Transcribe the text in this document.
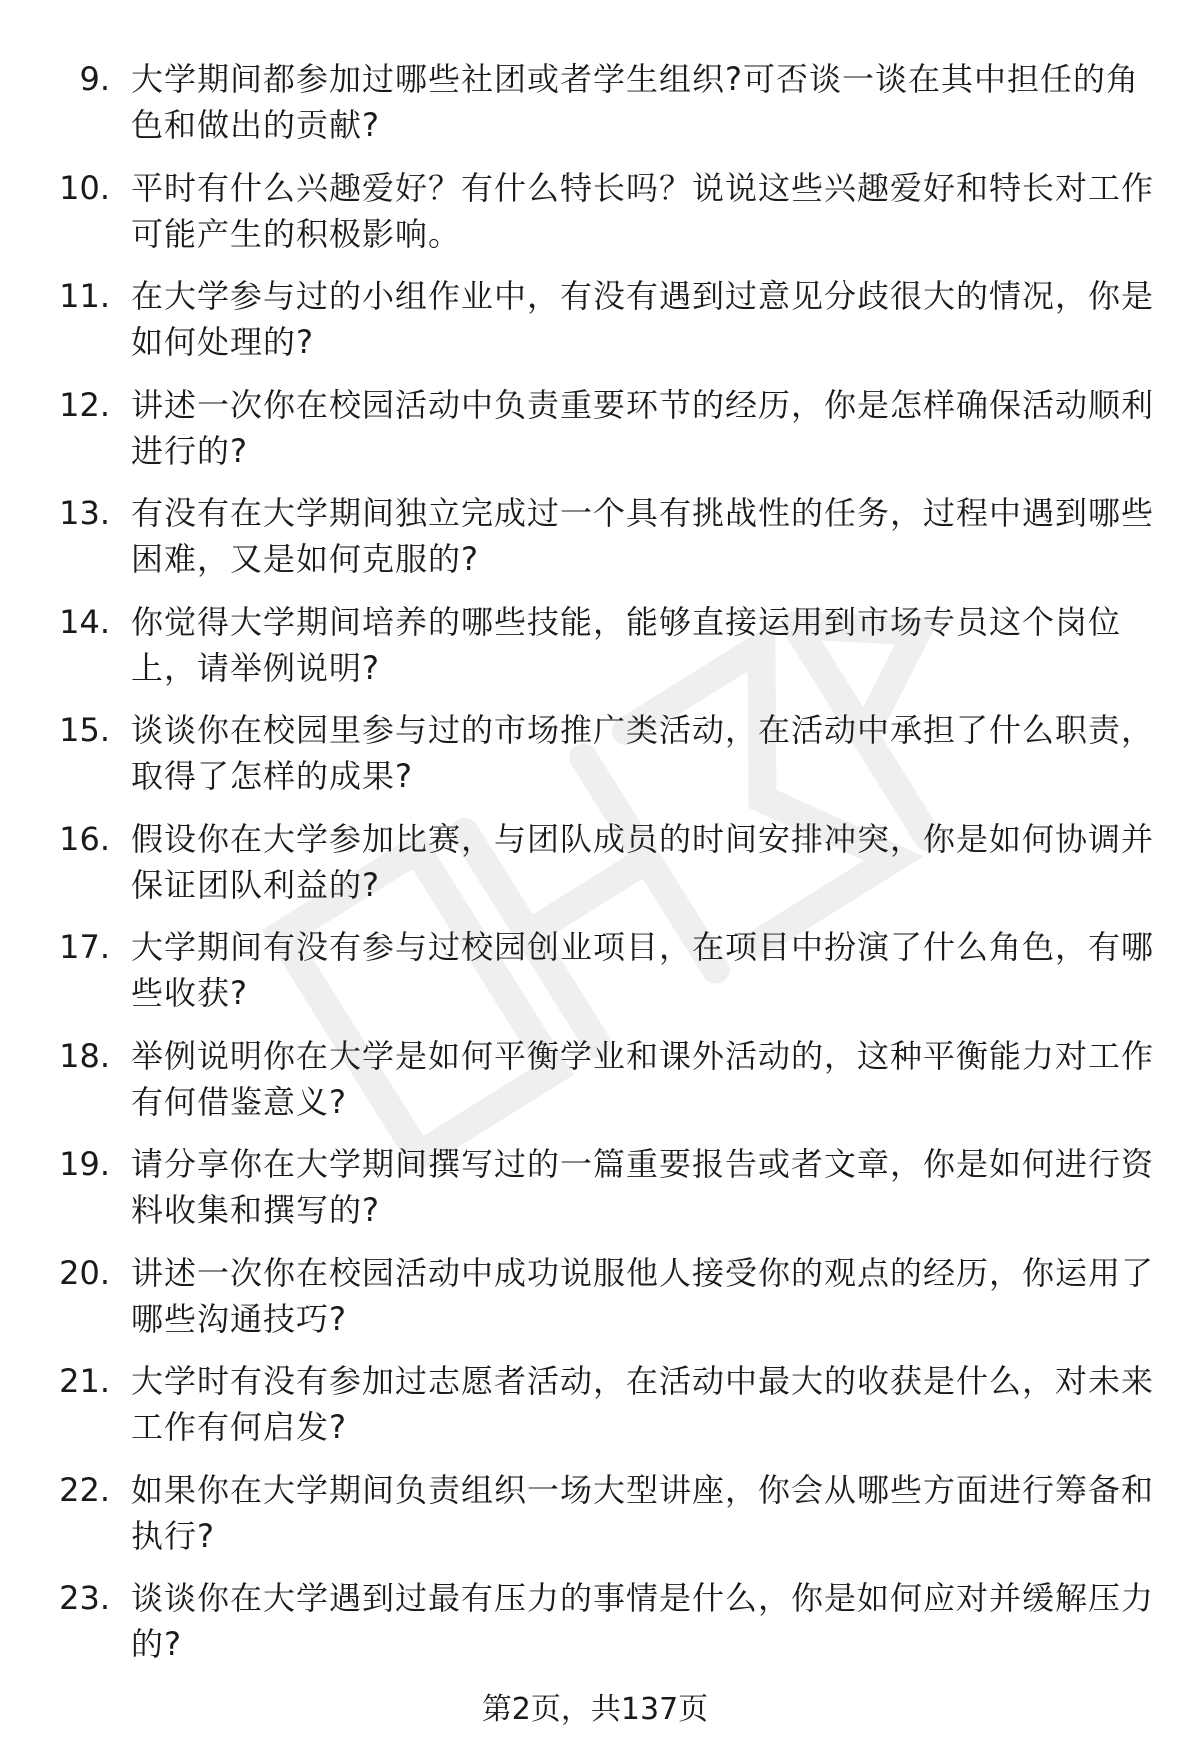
9. 大学期间都参加过哪些社团或者学生组织?可否谈一谈在其中担任的角色和做出的贡献?
10. 平时有什么兴趣爱好？有什么特长吗？说说这些兴趣爱好和特长对工作可能产生的积极影响。
11. 在大学参与过的小组作业中，有没有遇到过意见分歧很大的情况，你是如何处理的?
12. 讲述一次你在校园活动中负责重要环节的经历，你是怎样确保活动顺利进行的?
13. 有没有在大学期间独立完成过一个具有挑战性的任务，过程中遇到哪些困难，又是如何克服的?
14. 你觉得大学期间培养的哪些技能，能够直接运用到市场专员这个岗位上，请举例说明?
15. 谈谈你在校园里参与过的市场推广类活动，在活动中承担了什么职责，取得了怎样的成果?
16. 假设你在大学参加比赛，与团队成员的时间安排冲突，你是如何协调并保证团队利益的?
17. 大学期间有没有参与过校园创业项目，在项目中扮演了什么角色，有哪些收获?
18. 举例说明你在大学是如何平衡学业和课外活动的，这种平衡能力对工作有何借鉴意义?
19. 请分享你在大学期间撰写过的一篇重要报告或者文章，你是如何进行资料收集和撰写的?
20. 讲述一次你在校园活动中成功说服他人接受你的观点的经历，你运用了哪些沟通技巧?
21. 大学时有没有参加过志愿者活动，在活动中最大的收获是什么，对未来工作有何启发?
22. 如果你在大学期间负责组织一场大型讲座，你会从哪些方面进行筹备和执行?
23. 谈谈你在大学遇到过最有压力的事情是什么，你是如何应对并缓解压力的?
第2页，共137页
